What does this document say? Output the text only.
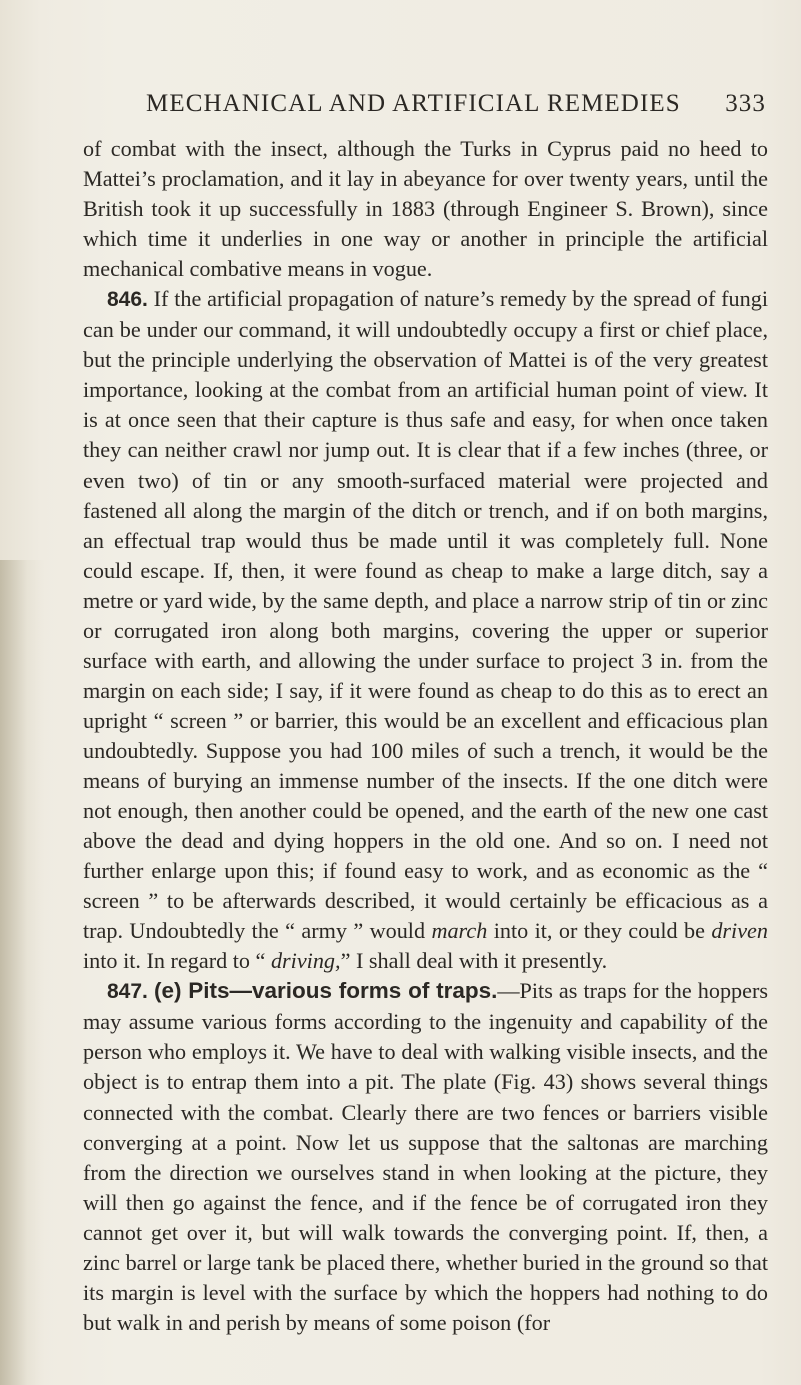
MECHANICAL AND ARTIFICIAL REMEDIES 333

of combat with the insect, although the Turks in Cyprus paid no heed to Mattei’s proclamation, and it lay in abeyance for over twenty years, until the British took it up successfully in 1883 (through Engineer S. Brown), since which time it underlies in one way or another in principle the artificial mechanical combative means in vogue.

846. If the artificial propagation of nature’s remedy by the spread of fungi can be under our command, it will undoubtedly occupy a first or chief place, but the principle underlying the observation of Mattei is of the very greatest importance, looking at the combat from an artificial human point of view. It is at once seen that their capture is thus safe and easy, for when once taken they can neither crawl nor jump out. It is clear that if a few inches (three, or even two) of tin or any smooth-surfaced material were projected and fastened all along the margin of the ditch or trench, and if on both margins, an effectual trap would thus be made until it was completely full. None could escape. If, then, it were found as cheap to make a large ditch, say a metre or yard wide, by the same depth, and place a narrow strip of tin or zinc or corrugated iron along both margins, covering the upper or superior surface with earth, and allowing the under surface to project 3 in. from the margin on each side; I say, if it were found as cheap to do this as to erect an upright “ screen ” or barrier, this would be an excellent and efficacious plan undoubtedly. Suppose you had 100 miles of such a trench, it would be the means of burying an immense number of the insects. If the one ditch were not enough, then another could be opened, and the earth of the new one cast above the dead and dying hoppers in the old one. And so on. I need not further enlarge upon this; if found easy to work, and as economic as the “ screen ” to be afterwards described, it would certainly be efficacious as a trap. Undoubtedly the “ army ” would march into it, or they could be driven into it. In regard to “ driving,” I shall deal with it presently.

847. (e) Pits—various forms of traps.—Pits as traps for the hoppers may assume various forms according to the ingenuity and capability of the person who employs it. We have to deal with walking visible insects, and the object is to entrap them into a pit. The plate (Fig. 43) shows several things connected with the combat. Clearly there are two fences or barriers visible converging at a point. Now let us suppose that the saltonas are marching from the direction we ourselves stand in when looking at the picture, they will then go against the fence, and if the fence be of corrugated iron they cannot get over it, but will walk towards the converging point. If, then, a zinc barrel or large tank be placed there, whether buried in the ground so that its margin is level with the surface by which the hoppers had nothing to do but walk in and perish by means of some poison (for
